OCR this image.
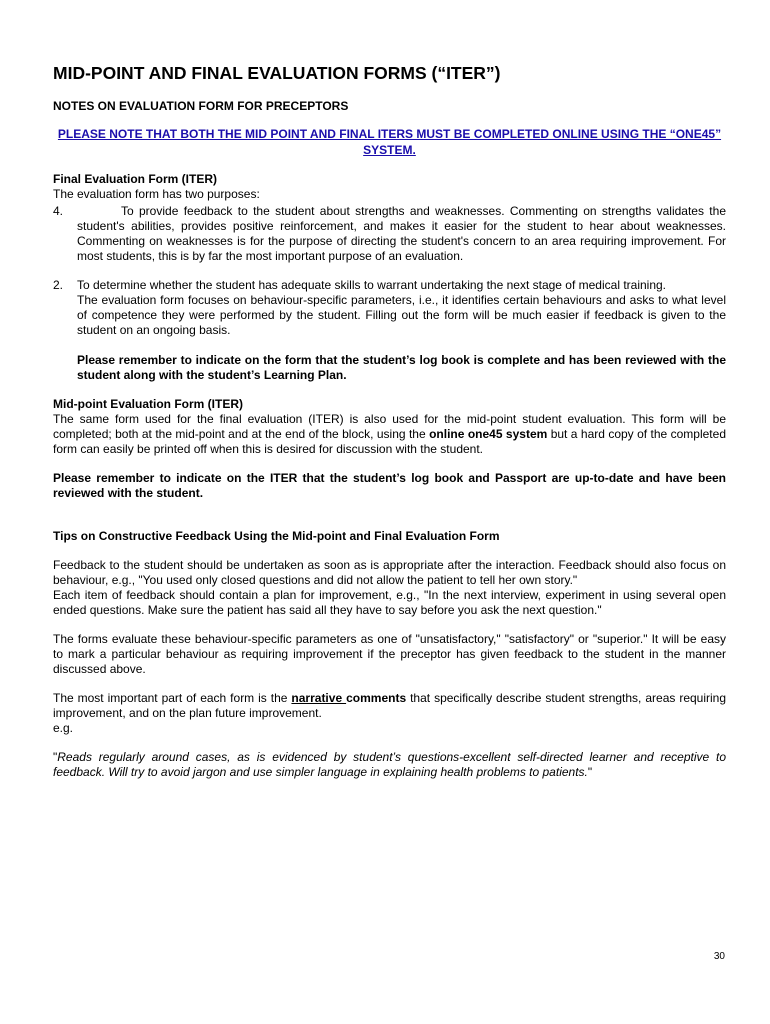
MID-POINT AND FINAL EVALUATION FORMS (“ITER”)
NOTES ON EVALUATION FORM FOR PRECEPTORS
PLEASE NOTE THAT BOTH THE MID POINT AND FINAL ITERS MUST BE COMPLETED ONLINE USING THE “ONE45” SYSTEM.
Final Evaluation Form (ITER)

The evaluation form has two purposes:

4.	To provide feedback to the student about strengths and weaknesses. Commenting on strengths validates the student's abilities, provides positive reinforcement, and makes it easier for the student to hear about weaknesses. Commenting on weaknesses is for the purpose of directing the student's concern to an area requiring improvement. For most students, this is by far the most important purpose of an evaluation.
2.	To determine whether the student has adequate skills to warrant undertaking the next stage of medical training.
The evaluation form focuses on behaviour-specific parameters, i.e., it identifies certain behaviours and asks to what level of competence they were performed by the student. Filling out the form will be much easier if feedback is given to the student on an ongoing basis.
Please remember to indicate on the form that the student’s log book is complete and has been reviewed with the student along with the student’s Learning Plan.
Mid-point Evaluation Form (ITER)

The same form used for the final evaluation (ITER) is also used for the mid-point student evaluation. This form will be completed; both at the mid-point and at the end of the block, using the online one45 system but a hard copy of the completed form can easily be printed off when this is desired for discussion with the student.

Please remember to indicate on the ITER that the student’s log book and Passport are up-to-date and have been reviewed with the student.

Tips on Constructive Feedback Using the Mid-point and Final Evaluation Form

Feedback to the student should be undertaken as soon as is appropriate after the interaction. Feedback should also focus on behaviour, e.g., "You used only closed questions and did not allow the patient to tell her own story."

Each item of feedback should contain a plan for improvement, e.g., "In the next interview, experiment in using several open ended questions. Make sure the patient has said all they have to say before you ask the next question."

The forms evaluate these behaviour-specific parameters as one of "unsatisfactory," "satisfactory" or "superior." It will be easy to mark a particular behaviour as requiring improvement if the preceptor has given feedback to the student in the manner discussed above.

The most important part of each form is the narrative comments that specifically describe student strengths, areas requiring improvement, and on the plan future improvement.

e.g.

"Reads regularly around cases, as is evidenced by student’s questions-excellent self-directed learner and receptive to feedback. Will try to avoid jargon and use simpler language in explaining health problems to patients."

30
